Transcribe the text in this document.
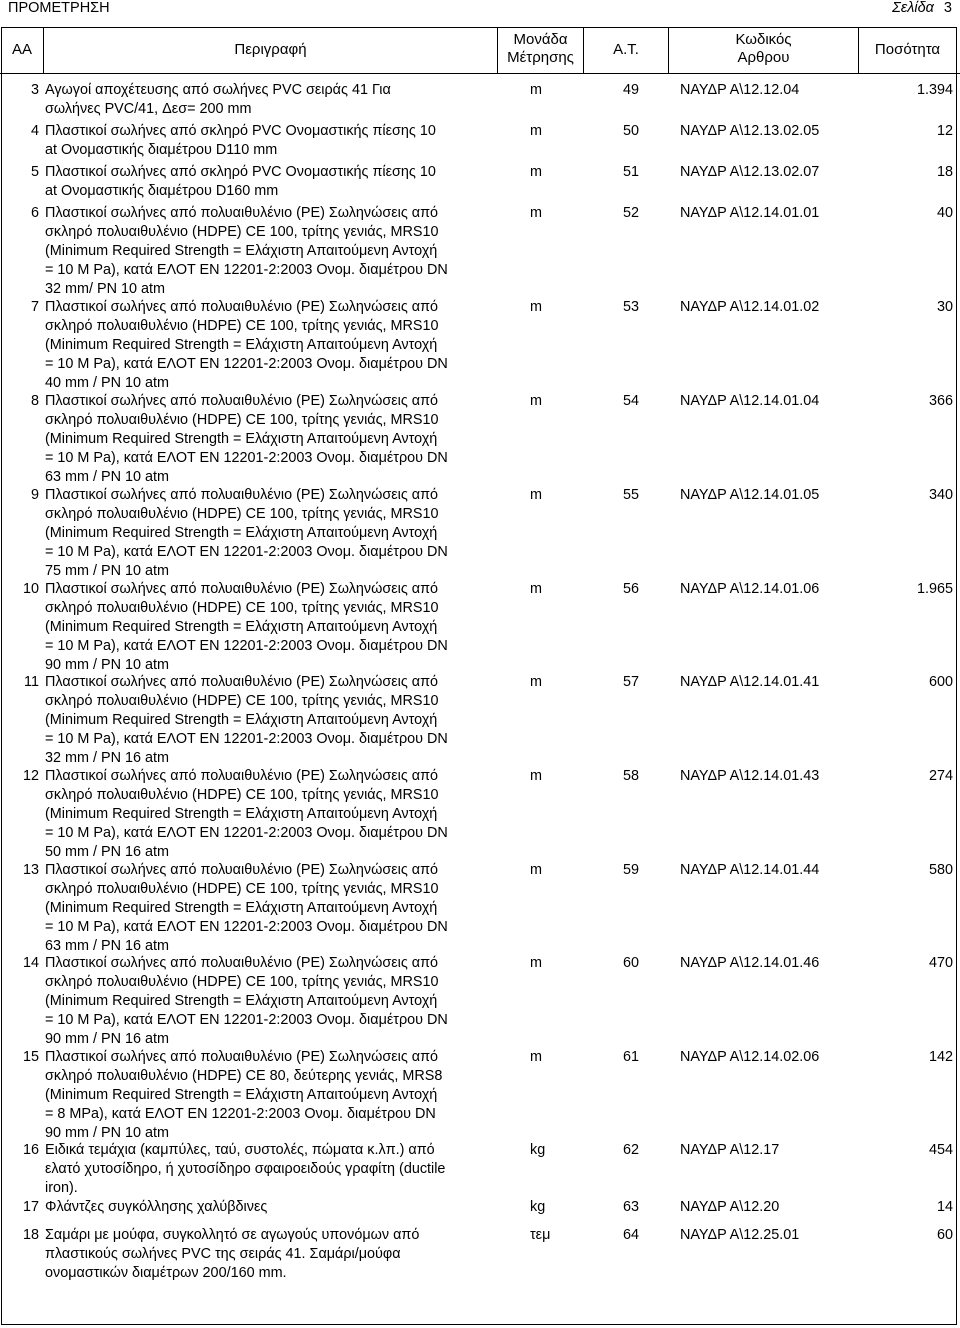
ΠΡΟΜΕΤΡΗΣΗ	Σελίδα 3
AA	Περιγραφή
Μονάδα
Μέτρησης	Α.Τ.
Κωδικός
Αρθρου	Ποσότητα
3 Αγωγοί αποχέτευσης από σωλήνες PVC σειράς 41 Για
σωλήνες PVC/41, Δεσ= 200 mm
m	49	ΝΑΥΔΡ Α\12.12.04	1.394
4 Πλαστικοί σωλήνες από σκληρό PVC Ονομαστικής πίεσης 10
at Ονομαστικής διαμέτρου D110 mm
m	50	ΝΑΥΔΡ Α\12.13.02.05	12
5 Πλαστικοί σωλήνες από σκληρό PVC Ονομαστικής πίεσης 10
at Ονομαστικής διαμέτρου D160 mm
m	51	ΝΑΥΔΡ Α\12.13.02.07	18
6 Πλαστικοί σωλήνες από πολυαιθυλένιο (PE) Σωληνώσεις από
σκληρό πολυαιθυλένιο (HDPE) CE 100, τρίτης γενιάς, MRS10
(Minimum Required Strength = Ελάχιστη Απαιτούμενη Αντοχή
= 10 M Pa), κατά ΕΛΟΤ ΕΝ 12201-2:2003 Ονομ. διαμέτρου DN
32 mm/ PN 10 atm
m	52	ΝΑΥΔΡ Α\12.14.01.01	40
7 Πλαστικοί σωλήνες από πολυαιθυλένιο (PE) Σωληνώσεις από
σκληρό πολυαιθυλένιο (HDPE) CE 100, τρίτης γενιάς, MRS10
(Minimum Required Strength = Ελάχιστη Απαιτούμενη Αντοχή
= 10 M Pa), κατά ΕΛΟΤ ΕΝ 12201-2:2003 Ονομ. διαμέτρου DN
40 mm / PN 10 atm
m	53	ΝΑΥΔΡ Α\12.14.01.02	30
8 Πλαστικοί σωλήνες από πολυαιθυλένιο (PE) Σωληνώσεις από
σκληρό πολυαιθυλένιο (HDPE) CE 100, τρίτης γενιάς, MRS10
(Minimum Required Strength = Ελάχιστη Απαιτούμενη Αντοχή
= 10 M Pa), κατά ΕΛΟΤ ΕΝ 12201-2:2003 Ονομ. διαμέτρου DN
63 mm / PN 10 atm
m	54	ΝΑΥΔΡ Α\12.14.01.04	366
9 Πλαστικοί σωλήνες από πολυαιθυλένιο (PE) Σωληνώσεις από
σκληρό πολυαιθυλένιο (HDPE) CE 100, τρίτης γενιάς, MRS10
(Minimum Required Strength = Ελάχιστη Απαιτούμενη Αντοχή
= 10 M Pa), κατά ΕΛΟΤ ΕΝ 12201-2:2003 Ονομ. διαμέτρου DN
75 mm / PN 10 atm
m	55	ΝΑΥΔΡ Α\12.14.01.05	340
10 Πλαστικοί σωλήνες από πολυαιθυλένιο (PE) Σωληνώσεις από
σκληρό πολυαιθυλένιο (HDPE) CE 100, τρίτης γενιάς, MRS10
(Minimum Required Strength = Ελάχιστη Απαιτούμενη Αντοχή
= 10 M Pa), κατά ΕΛΟΤ ΕΝ 12201-2:2003 Ονομ. διαμέτρου DN
90 mm / PN 10 atm
m	56	ΝΑΥΔΡ Α\12.14.01.06	1.965
11 Πλαστικοί σωλήνες από πολυαιθυλένιο (PE) Σωληνώσεις από
σκληρό πολυαιθυλένιο (HDPE) CE 100, τρίτης γενιάς, MRS10
(Minimum Required Strength = Ελάχιστη Απαιτούμενη Αντοχή
= 10 M Pa), κατά ΕΛΟΤ ΕΝ 12201-2:2003 Ονομ. διαμέτρου DN
32 mm / PN 16 atm
m	57	ΝΑΥΔΡ Α\12.14.01.41	600
12 Πλαστικοί σωλήνες από πολυαιθυλένιο (PE) Σωληνώσεις από
σκληρό πολυαιθυλένιο (HDPE) CE 100, τρίτης γενιάς, MRS10
(Minimum Required Strength = Ελάχιστη Απαιτούμενη Αντοχή
= 10 M Pa), κατά ΕΛΟΤ ΕΝ 12201-2:2003 Ονομ. διαμέτρου DN
50 mm / PN 16 atm
m	58	ΝΑΥΔΡ Α\12.14.01.43	274
13 Πλαστικοί σωλήνες από πολυαιθυλένιο (PE) Σωληνώσεις από
σκληρό πολυαιθυλένιο (HDPE) CE 100, τρίτης γενιάς, MRS10
(Minimum Required Strength = Ελάχιστη Απαιτούμενη Αντοχή
= 10 M Pa), κατά ΕΛΟΤ ΕΝ 12201-2:2003 Ονομ. διαμέτρου DN
63 mm / PN 16 atm
m	59	ΝΑΥΔΡ Α\12.14.01.44	580
14 Πλαστικοί σωλήνες από πολυαιθυλένιο (PE) Σωληνώσεις από
σκληρό πολυαιθυλένιο (HDPE) CE 100, τρίτης γενιάς, MRS10
(Minimum Required Strength = Ελάχιστη Απαιτούμενη Αντοχή
= 10 M Pa), κατά ΕΛΟΤ ΕΝ 12201-2:2003 Ονομ. διαμέτρου DN
90 mm / PN 16 atm
m	60	ΝΑΥΔΡ Α\12.14.01.46	470
15 Πλαστικοί σωλήνες από πολυαιθυλένιο (PE) Σωληνώσεις από
σκληρό πολυαιθυλένιο (HDPE) CE 80, δεύτερης γενιάς, MRS8
(Minimum Required Strength = Ελάχιστη Απαιτούμενη Αντοχή
= 8 MPa), κατά ΕΛΟΤ ΕΝ 12201-2:2003 Ονομ. διαμέτρου DN
90 mm / PN 10 atm
m	61	ΝΑΥΔΡ Α\12.14.02.06	142
16 Ειδικά τεμάχια (καμπύλες, ταύ, συστολές, πώματα κ.λπ.) από
ελατό χυτοσίδηρο, ή χυτοσίδηρο σφαιροειδούς γραφίτη (ductile
iron).
kg	62	ΝΑΥΔΡ Α\12.17	454
17 Φλάντζες συγκόλλησης χαλύβδινες	kg	63	ΝΑΥΔΡ Α\12.20	14
18 Σαμάρι με μούφα, συγκολλητό σε αγωγούς υπονόμων από
πλαστικούς σωλήνες PVC της σειράς 41. Σαμάρι/μούφα
ονομαστικών διαμέτρων 200/160 mm.
τεμ	64	ΝΑΥΔΡ Α\12.25.01	60
